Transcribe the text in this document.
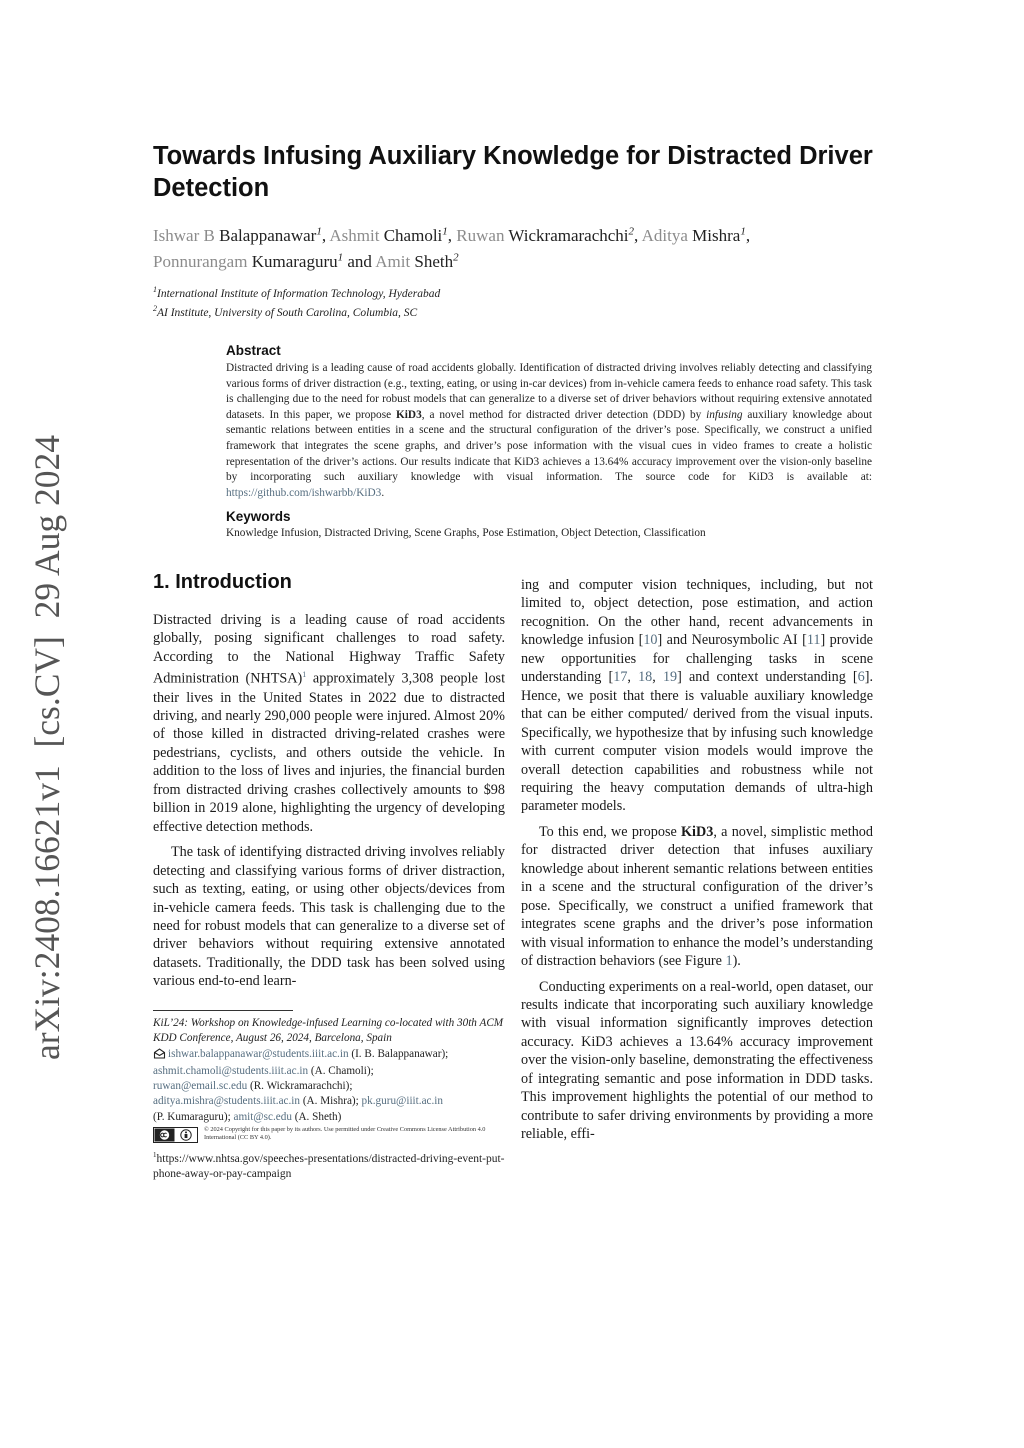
arXiv:2408.16621v1  [cs.CV]  29 Aug 2024
Towards Infusing Auxiliary Knowledge for Distracted Driver Detection
Ishwar B Balappanawar$^1$, Ashmit Chamoli$^1$, Ruwan Wickramarachchi$^2$, Aditya Mishra$^1$,
Ponnurangam Kumaraguru$^1$ and Amit Sheth$^2$
$^1$International Institute of Information Technology, Hyderabad
$^2$AI Institute, University of South Carolina, Columbia, SC
Abstract
Distracted driving is a leading cause of road accidents globally. Identification of distracted driving involves reliably detecting and classifying various forms of driver distraction (e.g., texting, eating, or using in-car devices) from in-vehicle camera feeds to enhance road safety. This task is challenging due to the need for robust models that can generalize to a diverse set of driver behaviors without requiring extensive annotated datasets. In this paper, we propose KiD3, a novel method for distracted driver detection (DDD) by infusing auxiliary knowledge about semantic relations between entities in a scene and the structural configuration of the driver’s pose. Specifically, we construct a unified framework that integrates the scene graphs, and driver’s pose information with the visual cues in video frames to create a holistic representation of the driver’s actions. Our results indicate that KiD3 achieves a 13.64% accuracy improvement over the vision-only baseline by incorporating such auxiliary knowledge with visual information. The source code for KiD3 is available at: https://github.com/ishwarbb/KiD3.
Keywords
Knowledge Infusion, Distracted Driving, Scene Graphs, Pose Estimation, Object Detection, Classification
1. Introduction

Distracted driving is a leading cause of road accidents globally, posing significant challenges to road safety. According to the National Highway Traffic Safety Administration (NHTSA)$^1$ approximately 3,308 people lost their lives in the United States in 2022 due to distracted driving, and nearly 290,000 people were injured. Almost 20% of those killed in distracted driving-related crashes were pedestrians, cyclists, and others outside the vehicle. In addition to the loss of lives and injuries, the financial burden from distracted driving crashes collectively amounts to $98 billion in 2019 alone, highlighting the urgency of developing effective detection methods.

The task of identifying distracted driving involves reliably detecting and classifying various forms of driver distraction, such as texting, eating, or using other objects/devices from in-vehicle camera feeds. This task is challenging due to the need for robust models that can generalize to a diverse set of driver behaviors without requiring extensive annotated datasets. Traditionally, the DDD task has been solved using various end-to-end learn-

ing and computer vision techniques, including, but not limited to, object detection, pose estimation, and action recognition. On the other hand, recent advancements in knowledge infusion [10] and Neurosymbolic AI [11] provide new opportunities for challenging tasks in scene understanding [17, 18, 19] and context understanding [6]. Hence, we posit that there is valuable auxiliary knowledge that can be either computed/ derived from the visual inputs. Specifically, we hypothesize that by infusing such knowledge with current computer vision models would improve the overall detection capabilities and robustness while not requiring the heavy computation demands of ultra-high parameter models.

To this end, we propose KiD3, a novel, simplistic method for distracted driver detection that infuses auxiliary knowledge about inherent semantic relations between entities in a scene and the structural configuration of the driver’s pose. Specifically, we construct a unified framework that integrates scene graphs and the driver’s pose information with visual information to enhance the model’s understanding of distraction behaviors (see Figure 1).

Conducting experiments on a real-world, open dataset, our results indicate that incorporating such auxiliary knowledge with visual information significantly improves detection accuracy. KiD3 achieves a 13.64% accuracy improvement over the vision-only baseline, demonstrating the effectiveness of integrating semantic and pose information in DDD tasks. This improvement highlights the potential of our method to contribute to safer driving environments by providing a more reliable, effi-

KiL’24: Workshop on Knowledge-infused Learning co-located with 30th ACM KDD Conference, August 26, 2024, Barcelona, Spain
ishwar.balappanawar@students.iiit.ac.in (I. B. Balappanawar);
ashmit.chamoli@students.iiit.ac.in (A. Chamoli);
ruwan@email.sc.edu (R. Wickramarachchi);
aditya.mishra@students.iiit.ac.in (A. Mishra); pk.guru@iiit.ac.in
(P. Kumaraguru); amit@sc.edu (A. Sheth)
© 2024 Copyright for this paper by its authors. Use permitted under Creative Commons License Attribution 4.0 International (CC BY 4.0).
$^1$https://www.nhtsa.gov/speeches-presentations/distracted-driving-event-put-phone-away-or-pay-campaign
